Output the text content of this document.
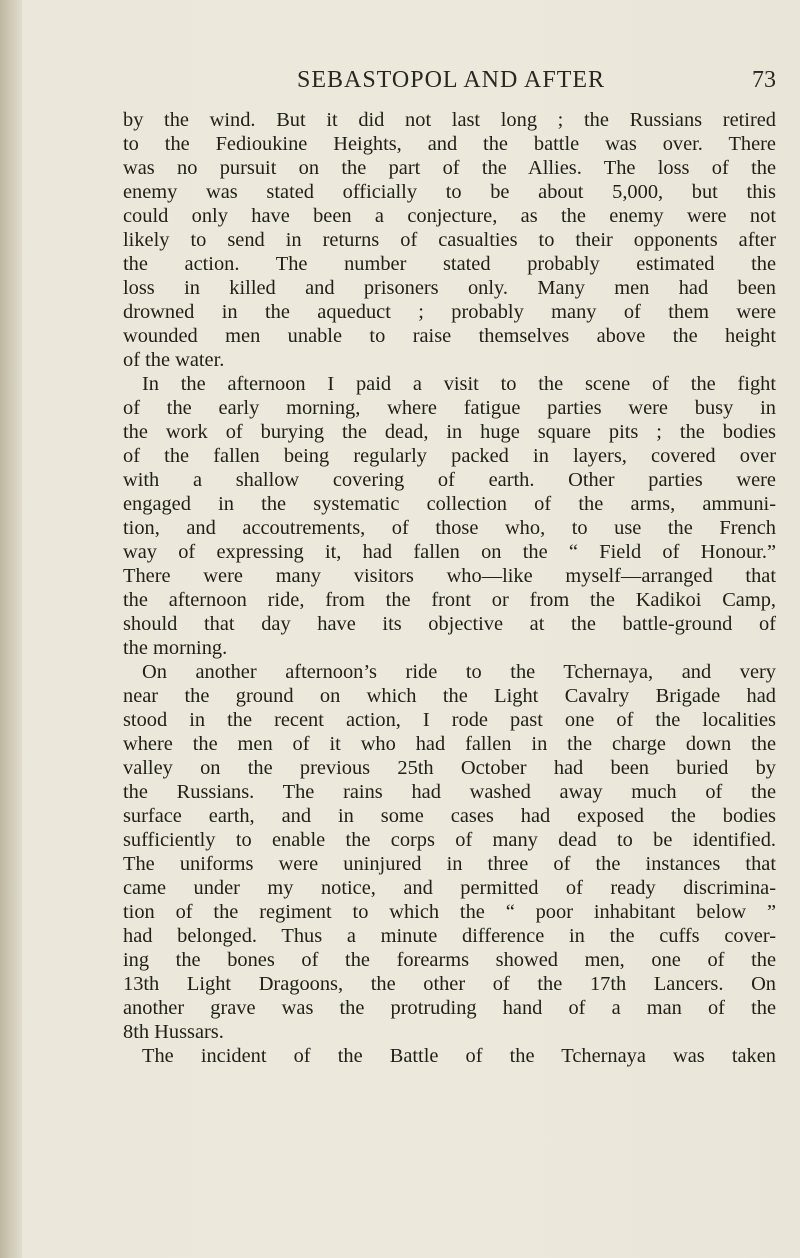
SEBASTOPOL AND AFTER	73
by the wind. But it did not last long ; the Russians retired
to the Fedioukine Heights, and the battle was over. There
was no pursuit on the part of the Allies. The loss of the
enemy was stated officially to be about 5,000, but this
could only have been a conjecture, as the enemy were not
likely to send in returns of casualties to their opponents after
the action. The number stated probably estimated the
loss in killed and prisoners only. Many men had been
drowned in the aqueduct ; probably many of them were
wounded men unable to raise themselves above the height
of the water.
In the afternoon I paid a visit to the scene of the fight
of the early morning, where fatigue parties were busy in
the work of burying the dead, in huge square pits ; the bodies
of the fallen being regularly packed in layers, covered over
with a shallow covering of earth. Other parties were
engaged in the systematic collection of the arms, ammuni-
tion, and accoutrements, of those who, to use the French
way of expressing it, had fallen on the “ Field of Honour.”
There were many visitors who—like myself—arranged that
the afternoon ride, from the front or from the Kadikoi Camp,
should that day have its objective at the battle-ground of
the morning.
On another afternoon’s ride to the Tchernaya, and very
near the ground on which the Light Cavalry Brigade had
stood in the recent action, I rode past one of the localities
where the men of it who had fallen in the charge down the
valley on the previous 25th October had been buried by
the Russians. The rains had washed away much of the
surface earth, and in some cases had exposed the bodies
sufficiently to enable the corps of many dead to be identified.
The uniforms were uninjured in three of the instances that
came under my notice, and permitted of ready discrimina-
tion of the regiment to which the “ poor inhabitant below ”
had belonged. Thus a minute difference in the cuffs cover-
ing the bones of the forearms showed men, one of the
13th Light Dragoons, the other of the 17th Lancers. On
another grave was the protruding hand of a man of the
8th Hussars.
The incident of the Battle of the Tchernaya was taken
